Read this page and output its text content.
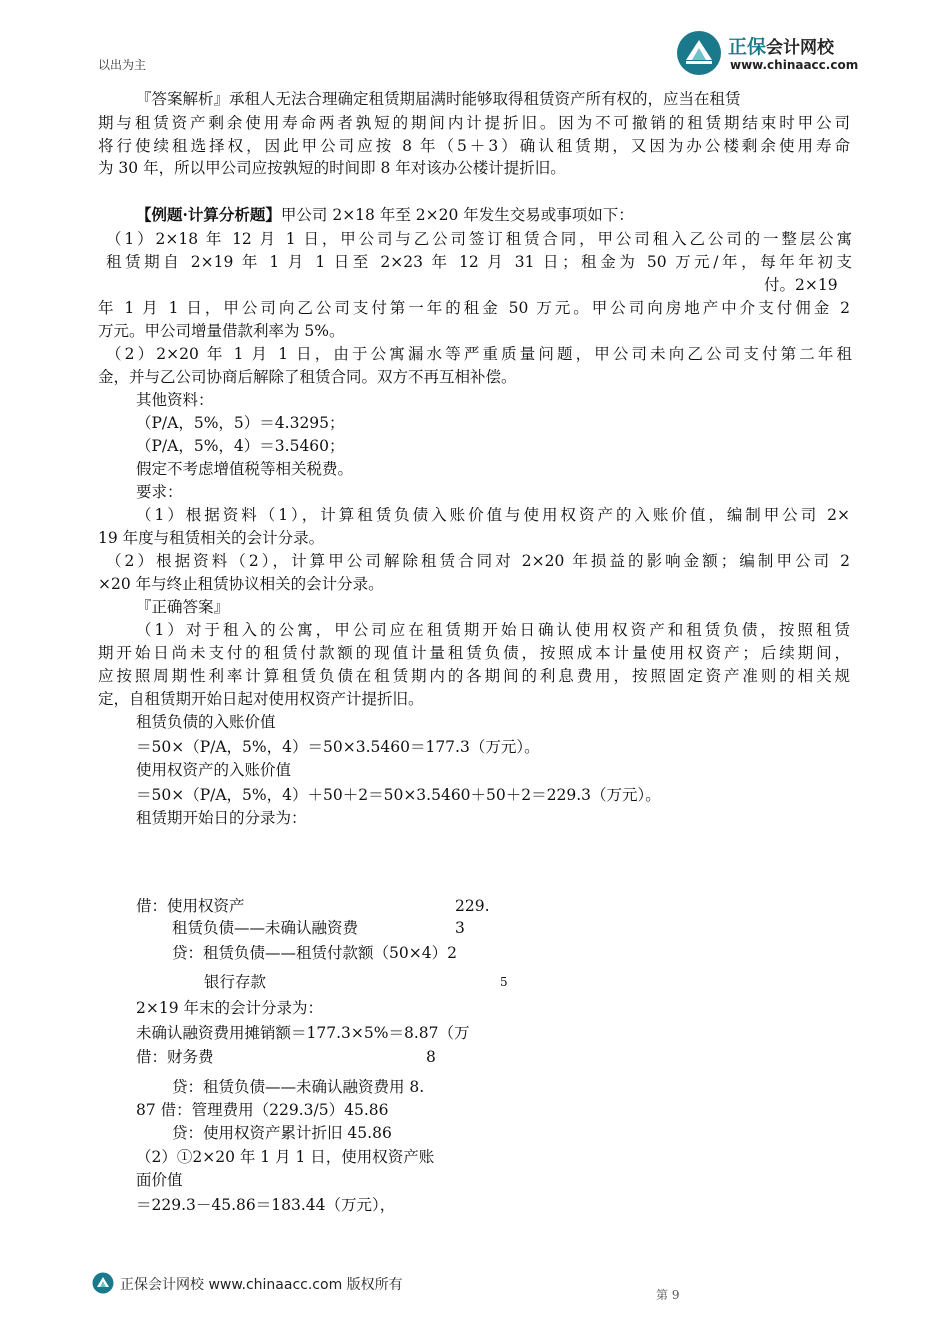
正保会计网校
www.chinaacc.com
以出为主
『答案解析』承租人无法合理确定租赁期届满时能够取得租赁资产所有权的，应当在租赁
期与租赁资产剩余使用寿命两者孰短的期间内计提折旧。因为不可撤销的租赁期结束时甲公司
将行使续租选择权，因此甲公司应按 8 年（5＋3）确认租赁期，又因为办公楼剩余使用寿命
为 30 年，所以甲公司应按孰短的时间即 8 年对该办公楼计提折旧。
【例题·计算分析题】甲公司 2×18 年至 2×20 年发生交易或事项如下：
（1）2×18 年 12 月 1 日，甲公司与乙公司签订租赁合同，甲公司租入乙公司的一整层公寓
租赁期自 2×19 年 1 月 1 日至 2×23 年 12 月 31 日；租金为 50 万元/年，每年年初支
付。2×19
年 1 月 1 日，甲公司向乙公司支付第一年的租金 50 万元。甲公司向房地产中介支付佣金 2
万元。甲公司增量借款利率为 5%。
（2）2×20 年 1 月 1 日，由于公寓漏水等严重质量问题，甲公司未向乙公司支付第二年租
金，并与乙公司协商后解除了租赁合同。双方不再互相补偿。
其他资料：
（P/A，5%，5）＝4.3295；
（P/A，5%，4）＝3.5460；
假定不考虑增值税等相关税费。
要求：
（1）根据资料（1），计算租赁负债入账价值与使用权资产的入账价值，编制甲公司 2×
19 年度与租赁相关的会计分录。
（2）根据资料（2），计算甲公司解除租赁合同对 2×20 年损益的影响金额；编制甲公司 2
×20 年与终止租赁协议相关的会计分录。
『正确答案』
（1）对于租入的公寓，甲公司应在租赁期开始日确认使用权资产和租赁负债，按照租赁
期开始日尚未支付的租赁付款额的现值计量租赁负债，按照成本计量使用权资产；后续期间，
应按照周期性利率计算租赁负债在租赁期内的各期间的利息费用，按照固定资产准则的相关规
定，自租赁期开始日起对使用权资产计提折旧。
租赁负债的入账价值
＝50×（P/A，5%，4）＝50×3.5460＝177.3（万元）。
使用权资产的入账价值
＝50×（P/A，5%，4）＋50＋2＝50×3.5460＋50＋2＝229.3（万元）。
租赁期开始日的分录为：
借：使用权资产	229.
租赁负债——未确认融资费	3
贷：租赁负债——租赁付款额（50×4）2
银行存款	5
2×19 年末的会计分录为：
未确认融资费用摊销额＝177.3×5%＝8.87（万
借：财务费	8
贷：租赁负债——未确认融资费用 8.
87 借：管理费用（229.3/5）45.86
贷：使用权资产累计折旧 45.86
（2）①2×20 年 1 月 1 日，使用权资产账
面价值
＝229.3－45.86＝183.44（万元），
正保会计网校 www.chinaacc.com 版权所有
第 9
